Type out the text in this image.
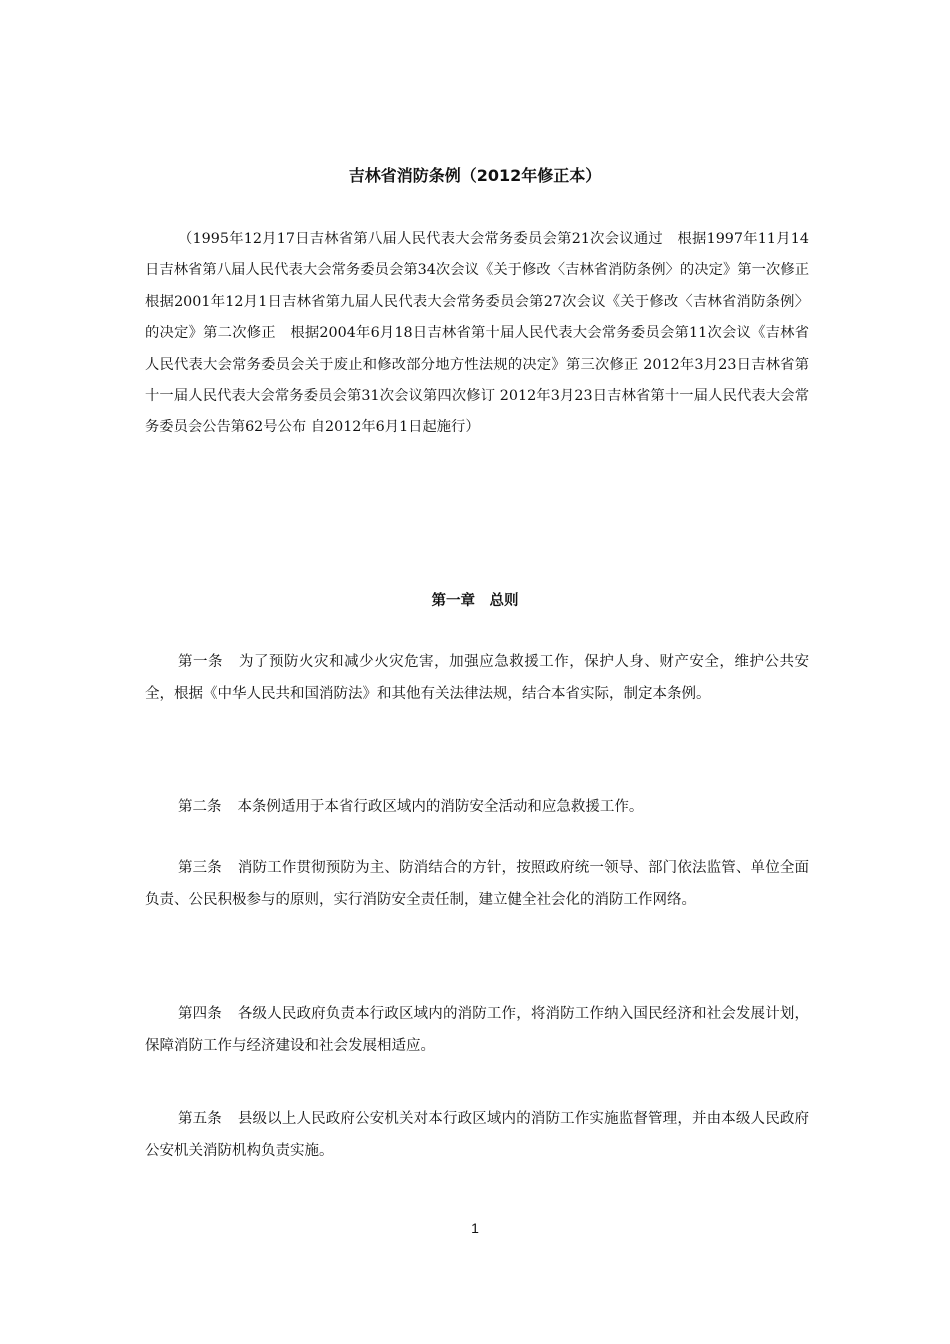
吉林省消防条例（2012年修正本）

（1995年12月17日吉林省第八届人民代表大会常务委员会第21次会议通过　根据1997年11月14日吉林省第八届人民代表大会常务委员会第34次会议《关于修改〈吉林省消防条例〉的决定》第一次修正　根据2001年12月1日吉林省第九届人民代表大会常务委员会第27次会议《关于修改〈吉林省消防条例〉的决定》第二次修正　根据2004年6月18日吉林省第十届人民代表大会常务委员会第11次会议《吉林省人民代表大会常务委员会关于废止和修改部分地方性法规的决定》第三次修正 2012年3月23日吉林省第十一届人民代表大会常务委员会第31次会议第四次修订 2012年3月23日吉林省第十一届人民代表大会常务委员会公告第62号公布 自2012年6月1日起施行）

第一章　总则

第一条 为了预防火灾和减少火灾危害，加强应急救援工作，保护人身、财产安全，维护公共安全，根据《中华人民共和国消防法》和其他有关法律法规，结合本省实际，制定本条例。

第二条 本条例适用于本省行政区域内的消防安全活动和应急救援工作。

第三条 消防工作贯彻预防为主、防消结合的方针，按照政府统一领导、部门依法监管、单位全面负责、公民积极参与的原则，实行消防安全责任制，建立健全社会化的消防工作网络。

第四条 各级人民政府负责本行政区域内的消防工作，将消防工作纳入国民经济和社会发展计划，保障消防工作与经济建设和社会发展相适应。

第五条 县级以上人民政府公安机关对本行政区域内的消防工作实施监督管理，并由本级人民政府公安机关消防机构负责实施。

1
